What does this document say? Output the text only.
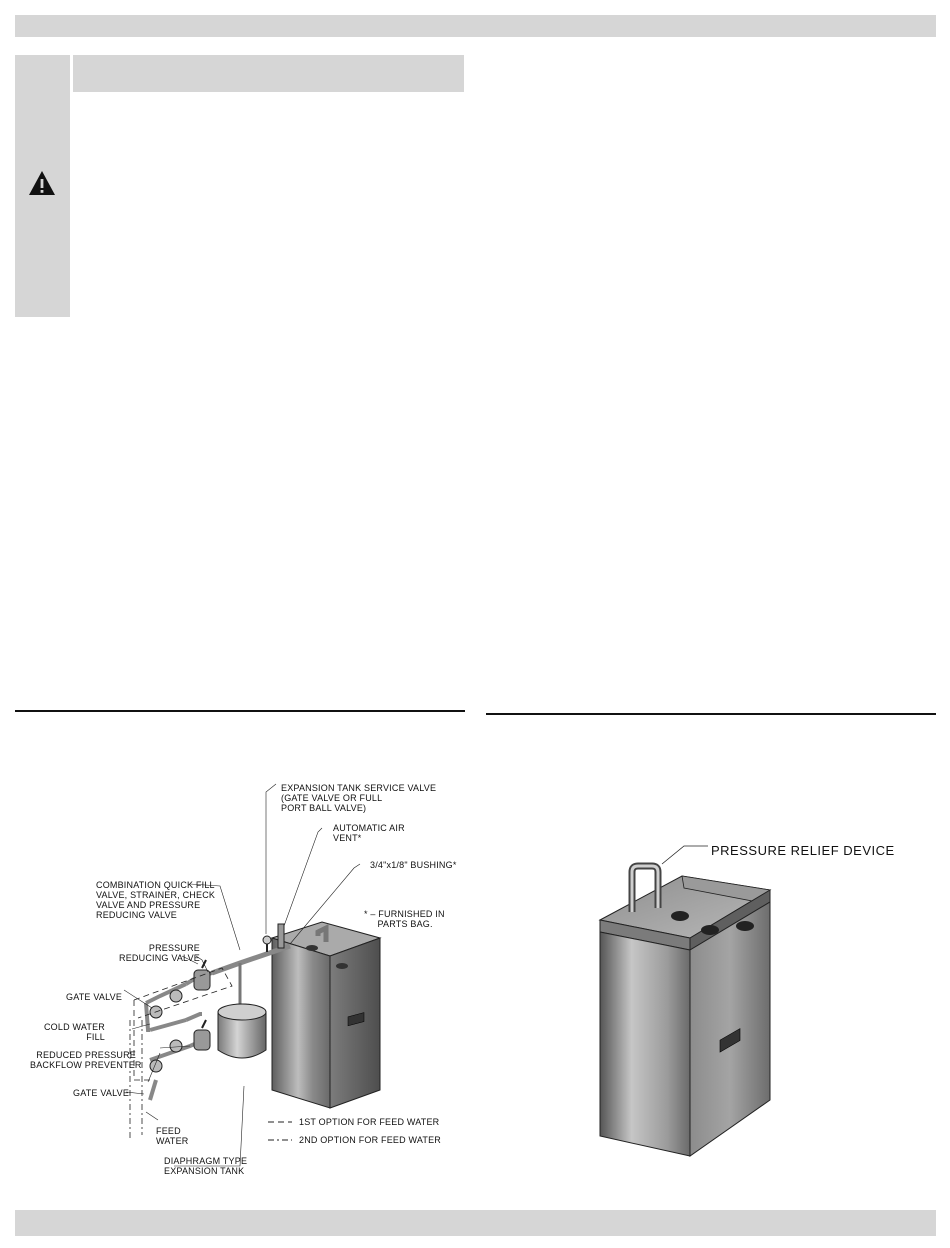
EXPANSION TANK SERVICE VALVE
(GATE VALVE OR FULL
PORT BALL VALVE)
AUTOMATIC AIR
VENT*
3/4"x1/8" BUSHING*
COMBINATION QUICK FILL
VALVE, STRAINER, CHECK
VALVE AND PRESSURE
REDUCING VALVE	* – FURNISHED IN
PARTS BAG.
PRESSURE
REDUCING VALVE
GATE VALVE
COLD WATER
FILL
REDUCED PRESSURE
BACKFLOW PREVENTER
GATE VALVE
FEED
WATER
1ST OPTION FOR FEED WATER
2ND OPTION FOR FEED WATER
DIAPHRAGM TYPE
EXPANSION TANK
PRESSURE RELIEF DEVICE
